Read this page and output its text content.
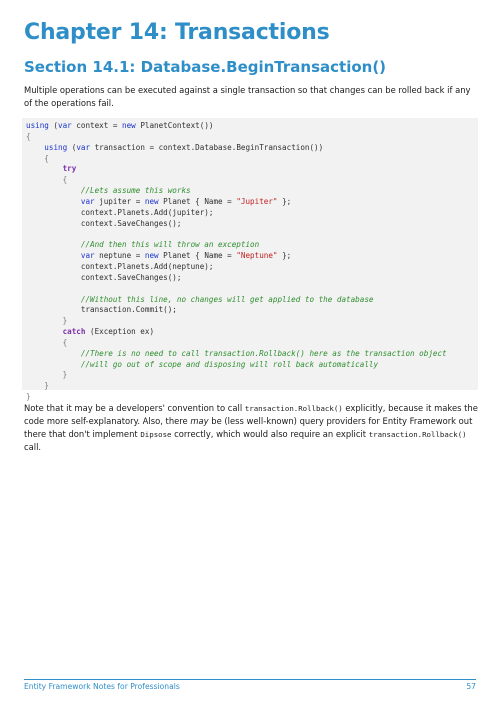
Chapter 14: Transactions
Section 14.1: Database.BeginTransaction()

Multiple operations can be executed against a single transaction so that changes can be rolled back if any of the operations fail.

using (var context = new PlanetContext())
{
using (var transaction = context.Database.BeginTransaction())
{
try
{
//Lets assume this works
var jupiter = new Planet { Name = "Jupiter" };
context.Planets.Add(jupiter);
context.SaveChanges();
//And then this will throw an exception
var neptune = new Planet { Name = "Neptune" };
context.Planets.Add(neptune);
context.SaveChanges();
//Without this line, no changes will get applied to the database
transaction.Commit();
}
catch (Exception ex)
{
//There is no need to call transaction.Rollback() here as the transaction object
//will go out of scope and disposing will roll back automatically
}
}
}

Note that it may be a developers' convention to call transaction.Rollback() explicitly, because it makes the code more self-explanatory. Also, there may be (less well-known) query providers for Entity Framework out there that don't implement Dipsose correctly, which would also require an explicit transaction.Rollback() call.

Entity Framework Notes for Professionals	57
